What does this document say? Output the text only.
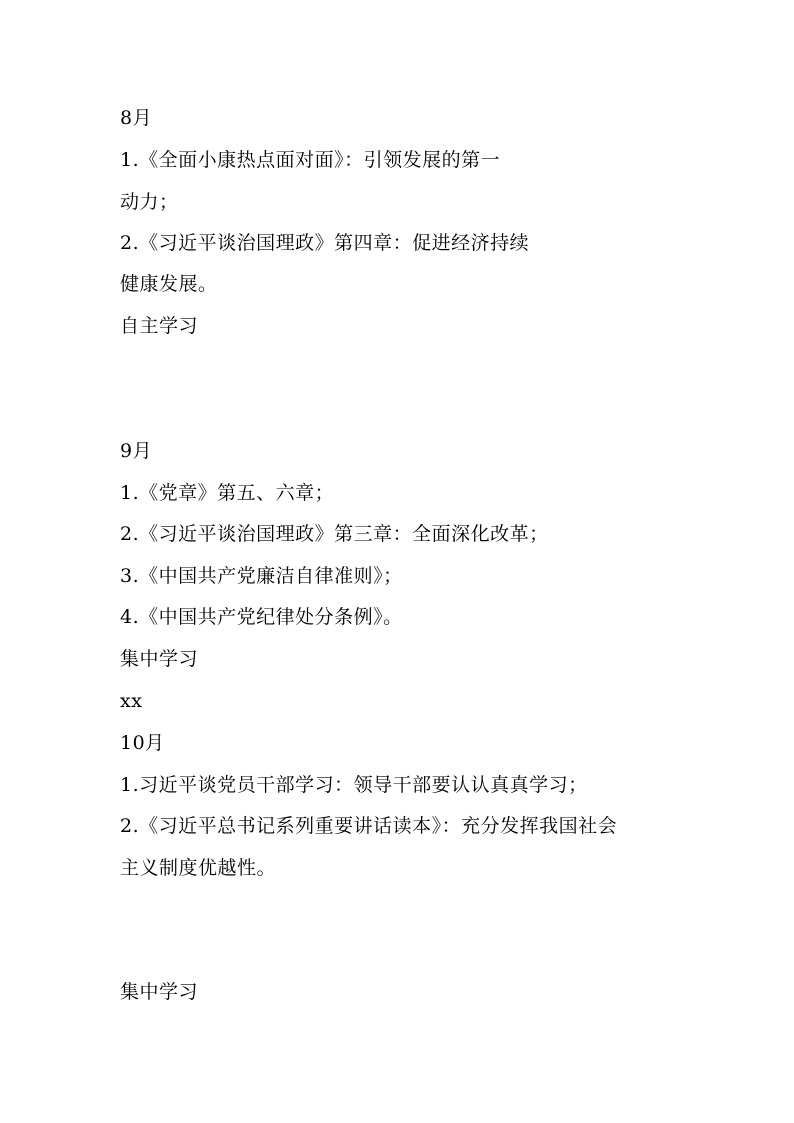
8月
1.《全面小康热点面对面》：引领发展的第一
动力；
2.《习近平谈治国理政》第四章：促进经济持续
健康发展。
自主学习
9月
1.《党章》第五、六章；
2.《习近平谈治国理政》第三章：全面深化改革；
3.《中国共产党廉洁自律准则》；
4.《中国共产党纪律处分条例》。
集中学习
xx
10月
1.习近平谈党员干部学习：领导干部要认认真真学习；
2.《习近平总书记系列重要讲话读本》：充分发挥我国社会
主义制度优越性。
集中学习
